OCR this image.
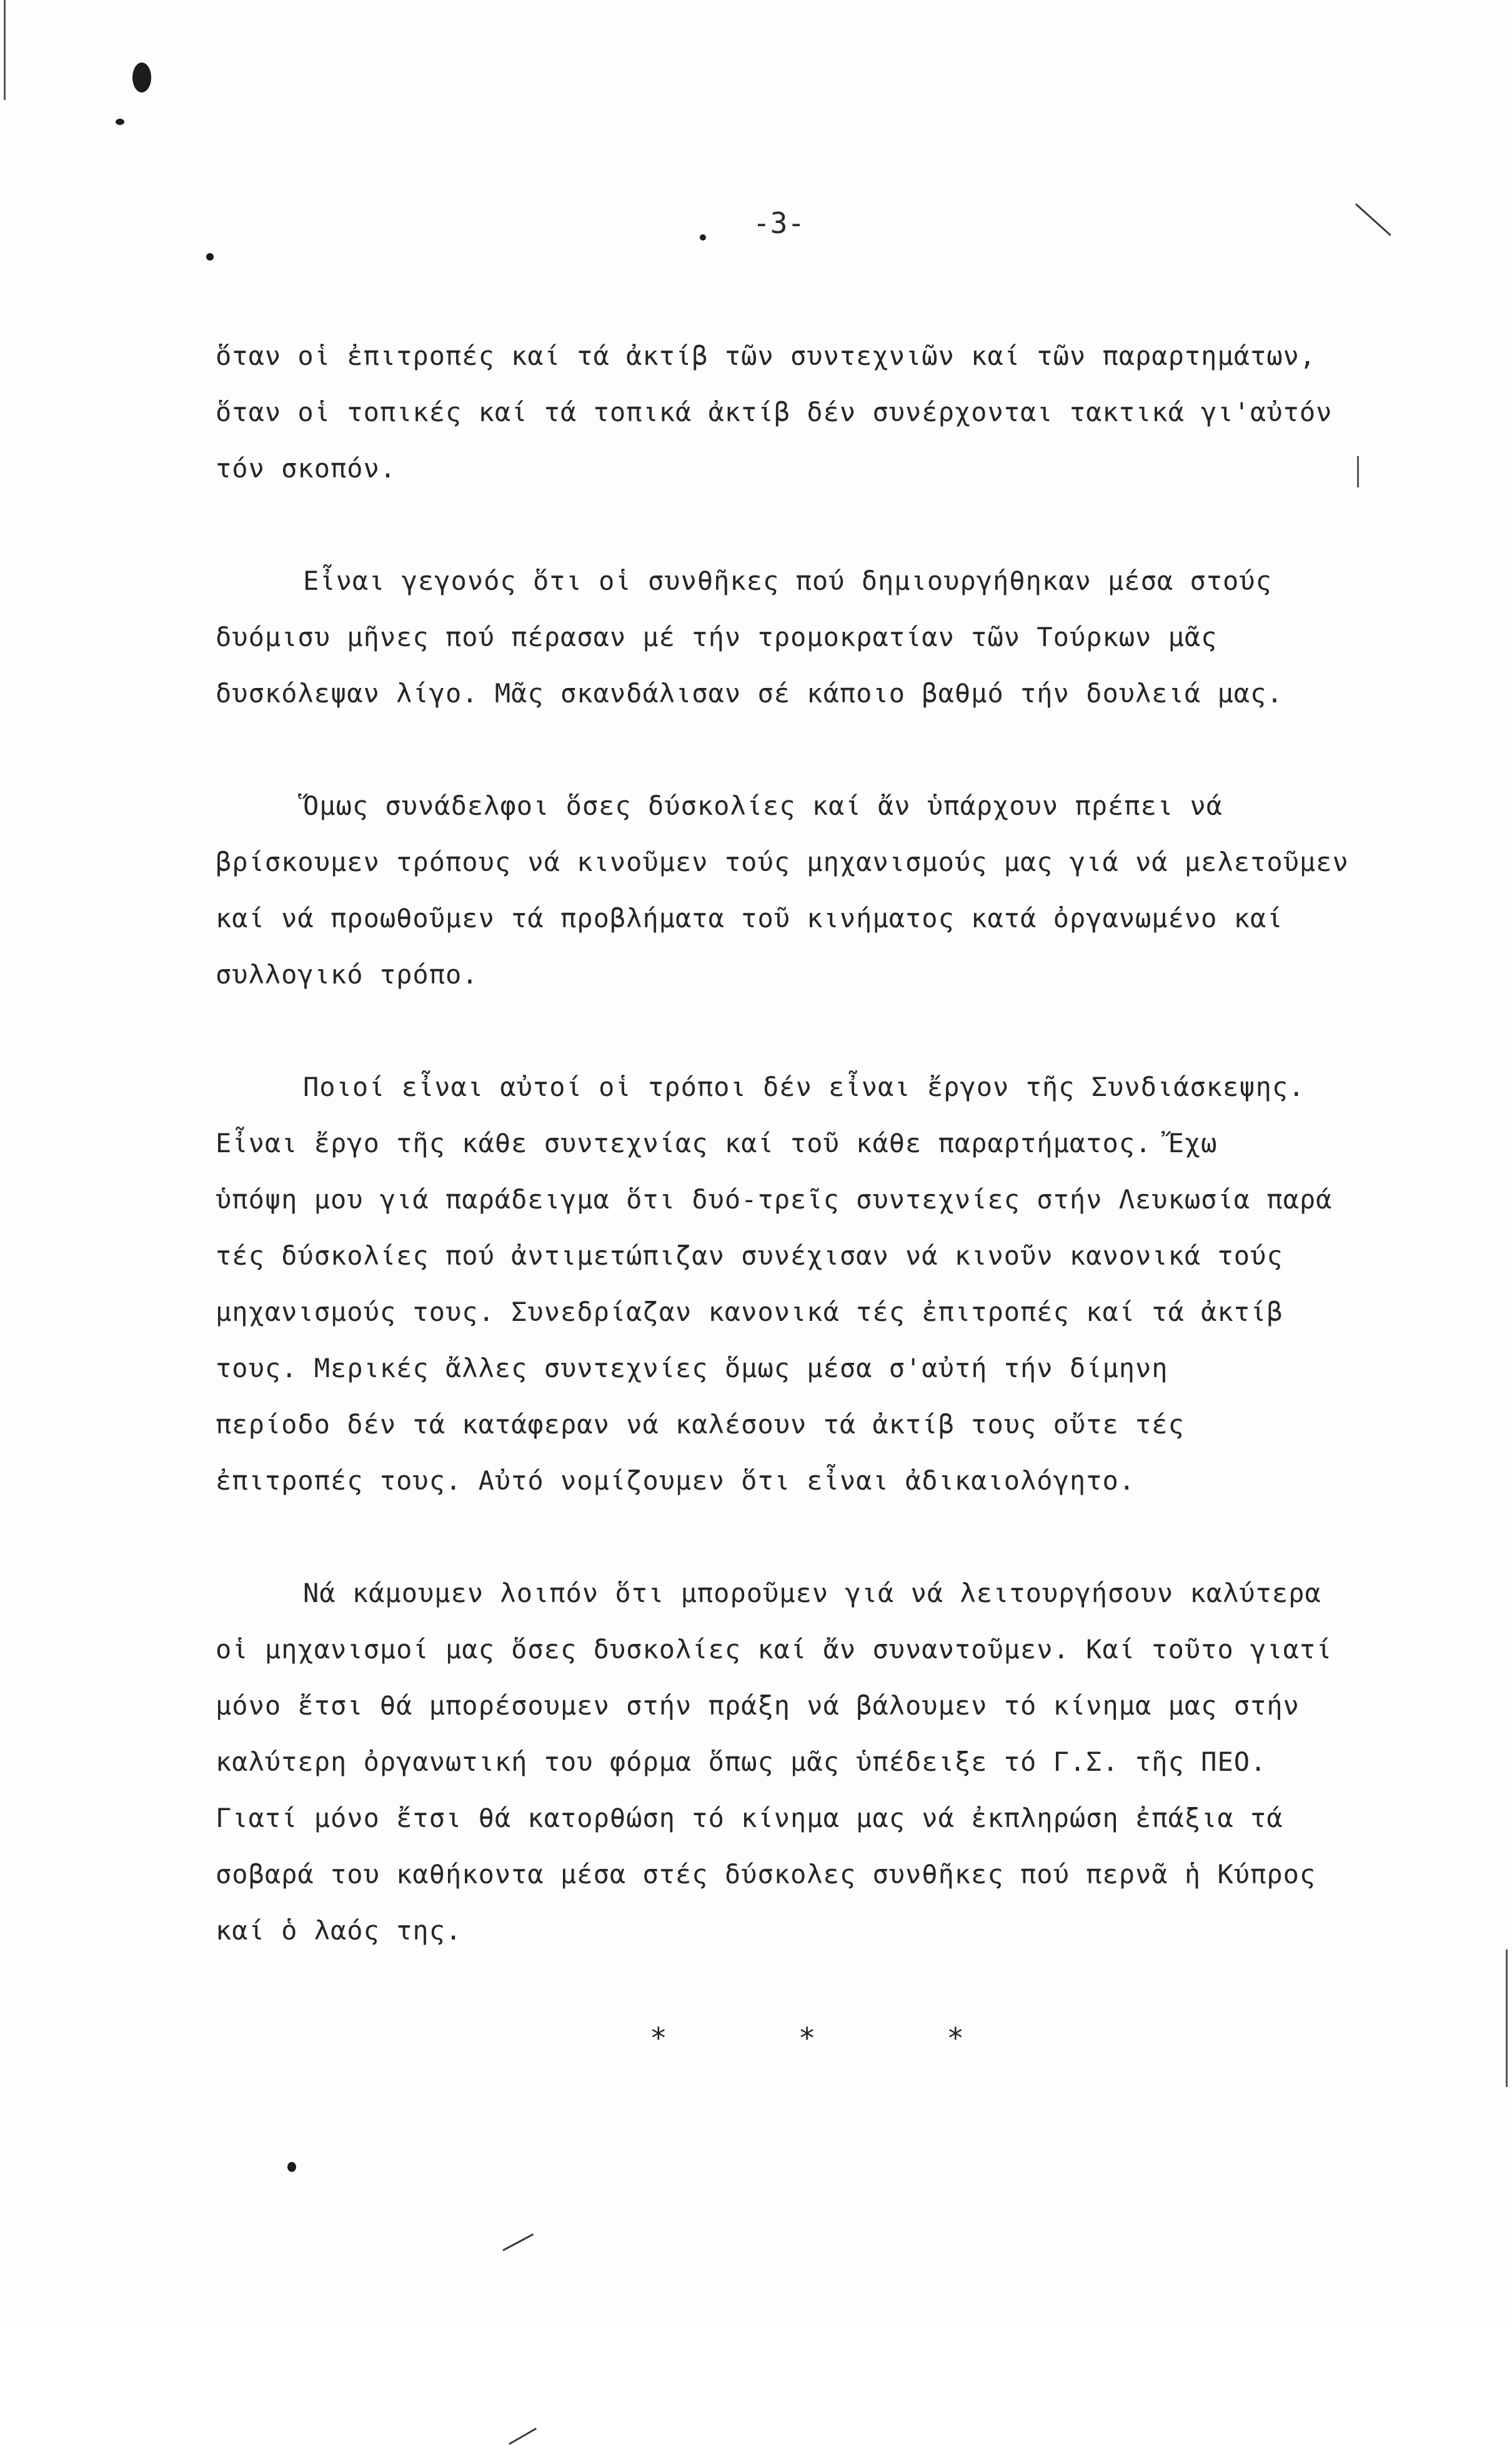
-3-
ὅταν οἱ ἐπιτροπές καί τά ἀκτίβ τῶν συντεχνιῶν καί τῶν παραρτημάτων,
ὅταν οἱ τοπικές καί τά τοπικά ἀκτίβ δέν συνέρχονται τακτικά γι'αὐτόν
τόν σκοπόν.
Εἶναι γεγονός ὅτι οἱ συνθῆκες πού δημιουργήθηκαν μέσα στούς
δυόμισυ μῆνες πού πέρασαν μέ τήν τρομοκρατίαν τῶν Τούρκων μᾶς
δυσκόλεψαν λίγο. Μᾶς σκανδάλισαν σέ κάποιο βαθμό τήν δουλειά μας.
Ὅμως συνάδελφοι ὅσες δύσκολίες καί ἄν ὑπάρχουν πρέπει νά
βρίσκουμεν τρόπους νά κινοῦμεν τούς μηχανισμούς μας γιά νά μελετοῦμεν
καί νά προωθοῦμεν τά προβλήματα τοῦ κινήματος κατά ὀργανωμένο καί
συλλογικό τρόπο.
Ποιοί εἶναι αὐτοί οἱ τρόποι δέν εἶναι ἔργον τῆς Συνδιάσκεψης.
Εἶναι ἔργο τῆς κάθε συντεχνίας καί τοῦ κάθε παραρτήματος. Ἔχω
ὑπόψη μου γιά παράδειγμα ὅτι δυό-τρεῖς συντεχνίες στήν Λευκωσία παρά
τές δύσκολίες πού ἀντιμετώπιζαν συνέχισαν νά κινοῦν κανονικά τούς
μηχανισμούς τους. Συνεδρίαζαν κανονικά τές ἐπιτροπές καί τά ἀκτίβ
τους. Μερικές ἄλλες συντεχνίες ὅμως μέσα σ'αὐτή τήν δίμηνη
περίοδο δέν τά κατάφεραν νά καλέσουν τά ἀκτίβ τους οὔτε τές
ἐπιτροπές τους. Αὐτό νομίζουμεν ὅτι εἶναι ἀδικαιολόγητο.
Νά κάμουμεν λοιπόν ὅτι μποροῦμεν γιά νά λειτουργήσουν καλύτερα
οἱ μηχανισμοί μας ὅσες δυσκολίες καί ἄν συναντοῦμεν. Καί τοῦτο γιατί
μόνο ἔτσι θά μπορέσουμεν στήν πράξη νά βάλουμεν τό κίνημα μας στήν
καλύτερη ὀργανωτική του φόρμα ὅπως μᾶς ὑπέδειξε τό Γ.Σ. τῆς ΠΕΟ.
Γιατί μόνο ἔτσι θά κατορθώση τό κίνημα μας νά ἐκπληρώση ἐπάξια τά
σοβαρά του καθήκοντα μέσα στές δύσκολες συνθῆκες πού περνᾶ ἡ Κύπρος
καί ὁ λαός της.
*	*	*
